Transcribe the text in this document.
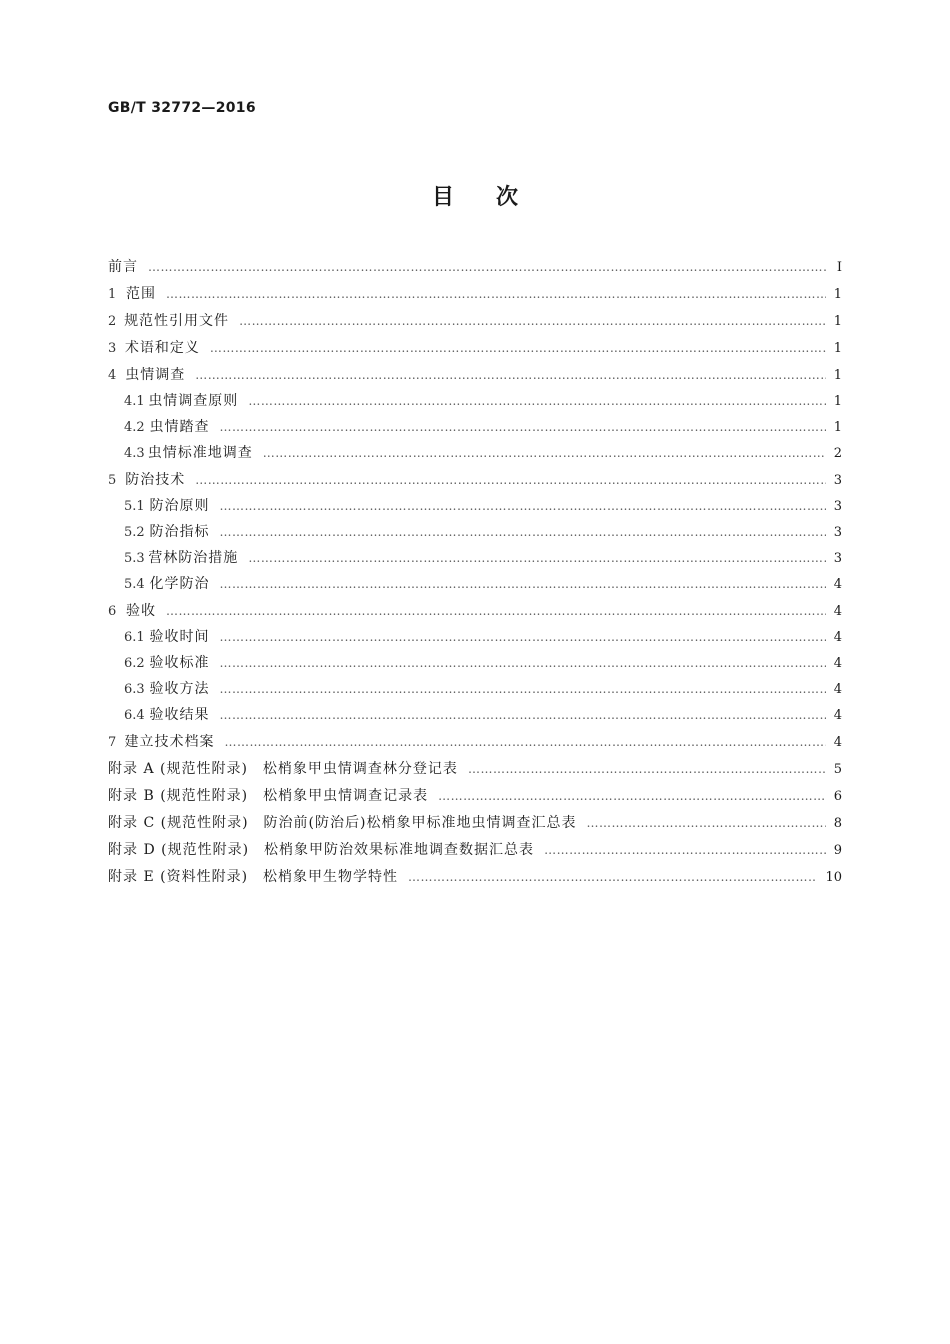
GB/T 32772—2016
目次
前言 …………………………………………………………………………………………………………………………………………………………………………………………………………	Ⅰ
1 范围 …………………………………………………………………………………………………………………………………………………………………………………………………………	1
2 规范性引用文件 …………………………………………………………………………………………………………………………………………………………………………………………………………	1
3 术语和定义 …………………………………………………………………………………………………………………………………………………………………………………………………………	1
4 虫情调查 …………………………………………………………………………………………………………………………………………………………………………………………………………	1
4.1 虫情调查原则 …………………………………………………………………………………………………………………………………………………………………………………………………………	1
4.2 虫情踏查 …………………………………………………………………………………………………………………………………………………………………………………………………………	1
4.3 虫情标准地调查 …………………………………………………………………………………………………………………………………………………………………………………………………………	2
5 防治技术 …………………………………………………………………………………………………………………………………………………………………………………………………………	3
5.1 防治原则 …………………………………………………………………………………………………………………………………………………………………………………………………………	3
5.2 防治指标 …………………………………………………………………………………………………………………………………………………………………………………………………………	3
5.3 营林防治措施 …………………………………………………………………………………………………………………………………………………………………………………………………………	3
5.4 化学防治 …………………………………………………………………………………………………………………………………………………………………………………………………………	4
6 验收 …………………………………………………………………………………………………………………………………………………………………………………………………………	4
6.1 验收时间 …………………………………………………………………………………………………………………………………………………………………………………………………………	4
6.2 验收标准 …………………………………………………………………………………………………………………………………………………………………………………………………………	4
6.3 验收方法 …………………………………………………………………………………………………………………………………………………………………………………………………………	4
6.4 验收结果 …………………………………………………………………………………………………………………………………………………………………………………………………………	4
7 建立技术档案 …………………………………………………………………………………………………………………………………………………………………………………………………………	4
附录 A (规范性附录)　松梢象甲虫情调查林分登记表 …………………………………………………………………………………………………………………………………………………………………………………………………………	5
附录 B (规范性附录)　松梢象甲虫情调查记录表 …………………………………………………………………………………………………………………………………………………………………………………………………………	6
附录 C (规范性附录)　防治前(防治后)松梢象甲标准地虫情调查汇总表 …………………………………………………………………………………………………………………………………………………………………………………………………………	8
附录 D (规范性附录)　松梢象甲防治效果标准地调查数据汇总表 …………………………………………………………………………………………………………………………………………………………………………………………………………	9
附录 E (资料性附录)　松梢象甲生物学特性 …………………………………………………………………………………………………………………………………………………………………………………………………………	10
